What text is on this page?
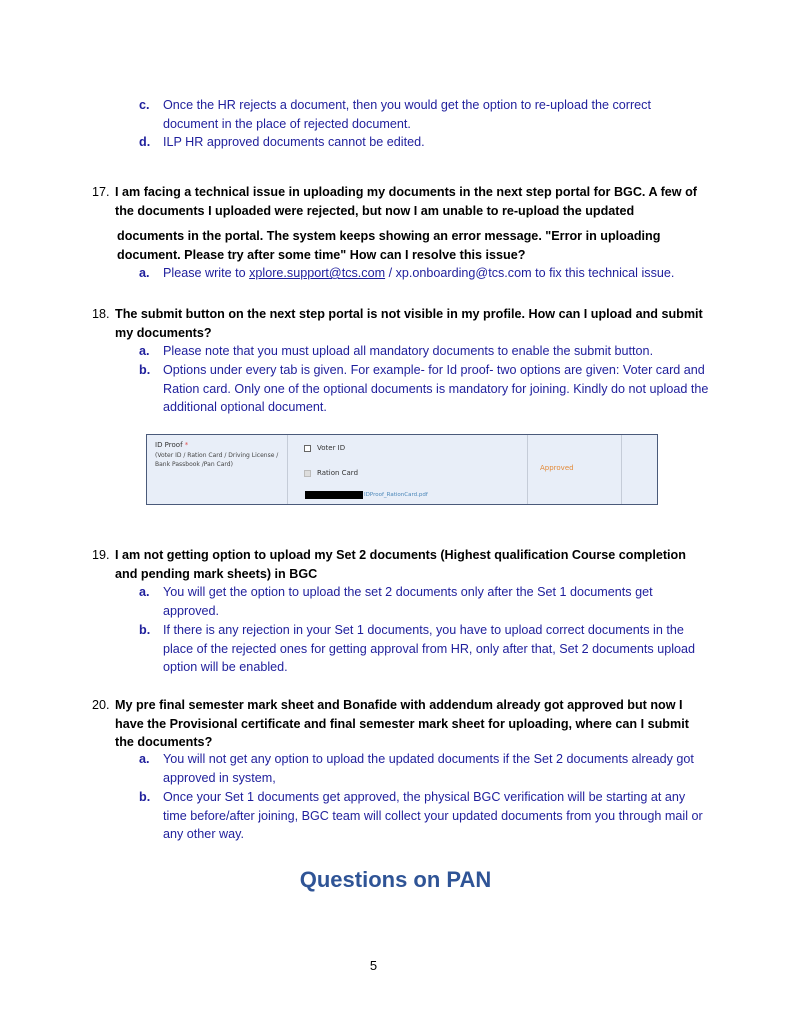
c. Once the HR rejects a document, then you would get the option to re-upload the correct document in the place of rejected document.
d. ILP HR approved documents cannot be edited.
17. I am facing a technical issue in uploading my documents in the next step portal for BGC. A few of the documents I uploaded were rejected, but now I am unable to re-upload the updated
documents in the portal. The system keeps showing an error message. "Error in uploading document. Please try after some time" How can I resolve this issue?
a. Please write to xplore.support@tcs.com / xp.onboarding@tcs.com to fix this technical issue.
18. The submit button on the next step portal is not visible in my profile. How can I upload and submit my documents?
a. Please note that you must upload all mandatory documents to enable the submit button.
b. Options under every tab is given. For example- for Id proof- two options are given: Voter card and Ration card. Only one of the optional documents is mandatory for joining. Kindly do not upload the additional optional document.
ID Proof *
(Voter ID / Ration Card / Driving License / Bank Passbook /Pan Card)
Voter ID
Ration Card
IDProof_RationCard.pdf
Approved
19. I am not getting option to upload my Set 2 documents (Highest qualification Course completion and pending mark sheets) in BGC
a. You will get the option to upload the set 2 documents only after the Set 1 documents get approved.
b. If there is any rejection in your Set 1 documents, you have to upload correct documents in the place of the rejected ones for getting approval from HR, only after that, Set 2 documents upload option will be enabled.
20. My pre final semester mark sheet and Bonafide with addendum already got approved but now I have the Provisional certificate and final semester mark sheet for uploading, where can I submit the documents?
a. You will not get any option to upload the updated documents if the Set 2 documents already got approved in system,
b. Once your Set 1 documents get approved, the physical BGC verification will be starting at any time before/after joining, BGC team will collect your updated documents from you through mail or any other way.
Questions on PAN
5
